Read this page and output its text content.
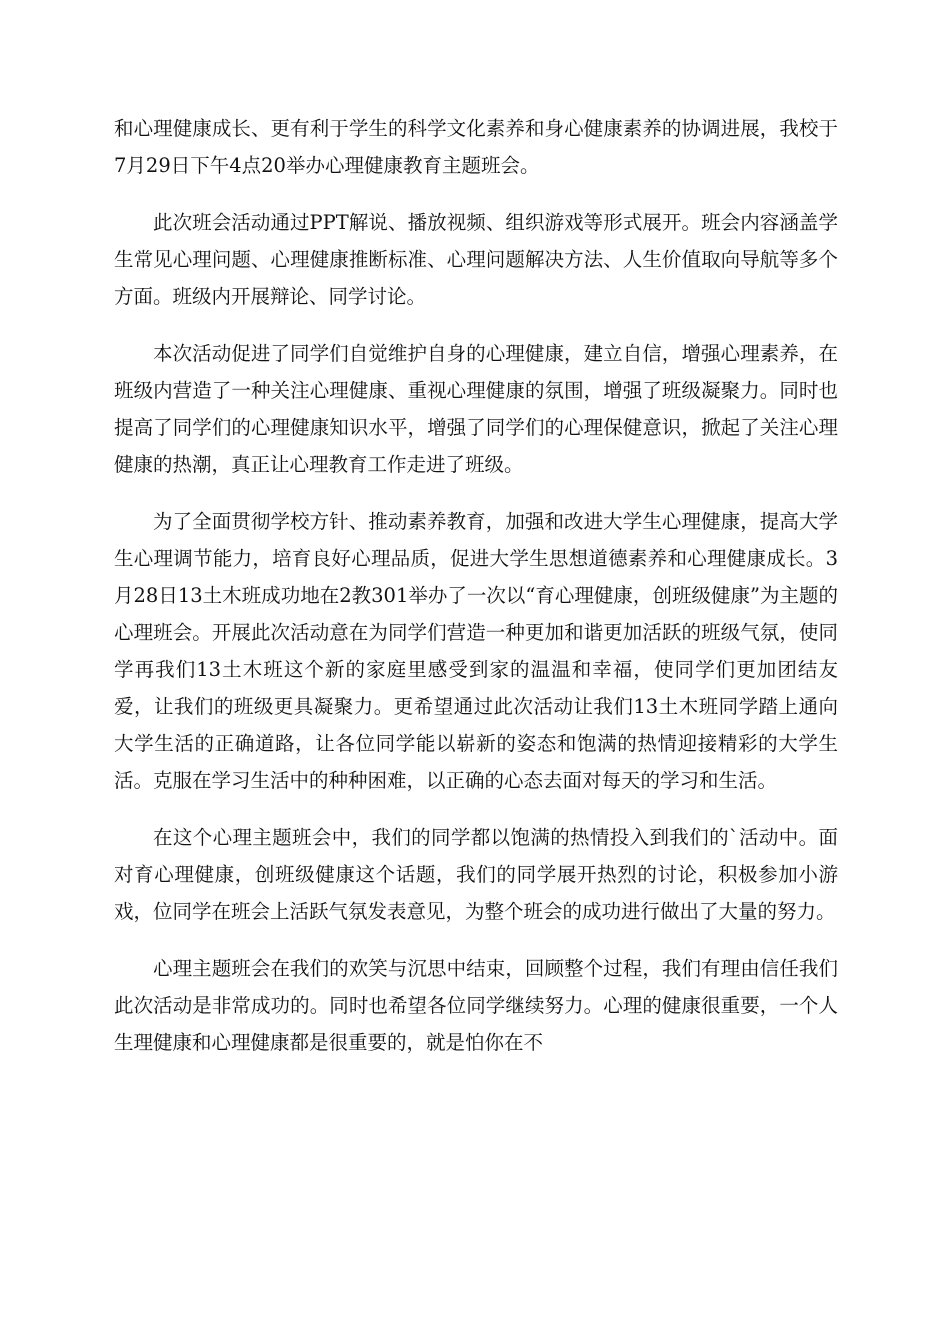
和心理健康成长、更有利于学生的科学文化素养和身心健康素养的协调进展，我校于7月29日下午4点20举办心理健康教育主题班会。

此次班会活动通过PPT解说、播放视频、组织游戏等形式展开。班会内容涵盖学生常见心理问题、心理健康推断标准、心理问题解决方法、人生价值取向导航等多个方面。班级内开展辩论、同学讨论。

本次活动促进了同学们自觉维护自身的心理健康，建立自信，增强心理素养，在班级内营造了一种关注心理健康、重视心理健康的氛围，增强了班级凝聚力。同时也提高了同学们的心理健康知识水平，增强了同学们的心理保健意识，掀起了关注心理健康的热潮，真正让心理教育工作走进了班级。

为了全面贯彻学校方针、推动素养教育，加强和改进大学生心理健康，提高大学生心理调节能力，培育良好心理品质，促进大学生思想道德素养和心理健康成长。3月28日13土木班成功地在2教301举办了一次以“育心理健康，创班级健康”为主题的心理班会。开展此次活动意在为同学们营造一种更加和谐更加活跃的班级气氛，使同学再我们13土木班这个新的家庭里感受到家的温温和幸福，使同学们更加团结友爱，让我们的班级更具凝聚力。更希望通过此次活动让我们13土木班同学踏上通向大学生活的正确道路，让各位同学能以崭新的姿态和饱满的热情迎接精彩的大学生活。克服在学习生活中的种种困难，以正确的心态去面对每天的学习和生活。

在这个心理主题班会中，我们的同学都以饱满的热情投入到我们的`活动中。面对育心理健康，创班级健康这个话题，我们的同学展开热烈的讨论，积极参加小游戏，位同学在班会上活跃气氛发表意见，为整个班会的成功进行做出了大量的努力。

心理主题班会在我们的欢笑与沉思中结束，回顾整个过程，我们有理由信任我们此次活动是非常成功的。同时也希望各位同学继续努力。心理的健康很重要，一个人生理健康和心理健康都是很重要的，就是怕你在不
